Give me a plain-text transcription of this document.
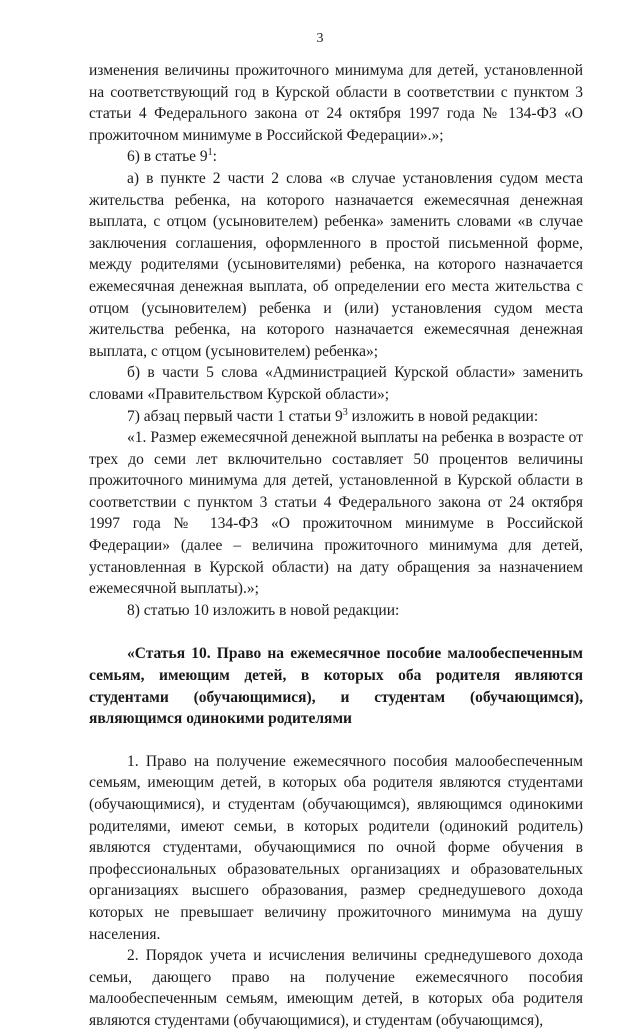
3

изменения величины прожиточного минимума для детей, установленной на соответствующий год в Курской области в соответствии с пунктом 3 статьи 4 Федерального закона от 24 октября 1997 года № 134-ФЗ «О прожиточном минимуме в Российской Федерации».»;

6) в статье $9^1$:

а) в пункте 2 части 2 слова «в случае установления судом места жительства ребенка, на которого назначается ежемесячная денежная выплата, с отцом (усыновителем) ребенка» заменить словами «в случае заключения соглашения, оформленного в простой письменной форме, между родителями (усыновителями) ребенка, на которого назначается ежемесячная денежная выплата, об определении его места жительства с отцом (усыновителем) ребенка и (или) установления судом места жительства ребенка, на которого назначается ежемесячная денежная выплата, с отцом (усыновителем) ребенка»;

б) в части 5 слова «Администрацией Курской области» заменить словами «Правительством Курской области»;

7) абзац первый части 1 статьи $9^3$ изложить в новой редакции:

«1. Размер ежемесячной денежной выплаты на ребенка в возрасте от трех до семи лет включительно составляет 50 процентов величины прожиточного минимума для детей, установленной в Курской области в соответствии с пунктом 3 статьи 4 Федерального закона от 24 октября 1997 года № 134-ФЗ «О прожиточном минимуме в Российской Федерации» (далее – величина прожиточного минимума для детей, установленная в Курской области) на дату обращения за назначением ежемесячной выплаты).»;

8) статью 10 изложить в новой редакции:

«Статья 10. Право на ежемесячное пособие малообеспеченным семьям, имеющим детей, в которых оба родителя являются студентами (обучающимися), и студентам (обучающимся), являющимся одинокими родителями

1. Право на получение ежемесячного пособия малообеспеченным семьям, имеющим детей, в которых оба родителя являются студентами (обучающимися), и студентам (обучающимся), являющимся одинокими родителями, имеют семьи, в которых родители (одинокий родитель) являются студентами, обучающимися по очной форме обучения в профессиональных образовательных организациях и образовательных организациях высшего образования, размер среднедушевого дохода которых не превышает величину прожиточного минимума на душу населения.

2. Порядок учета и исчисления величины среднедушевого дохода семьи, дающего право на получение ежемесячного пособия малообеспеченным семьям, имеющим детей, в которых оба родителя являются студентами (обучающимися), и студентам (обучающимся),
